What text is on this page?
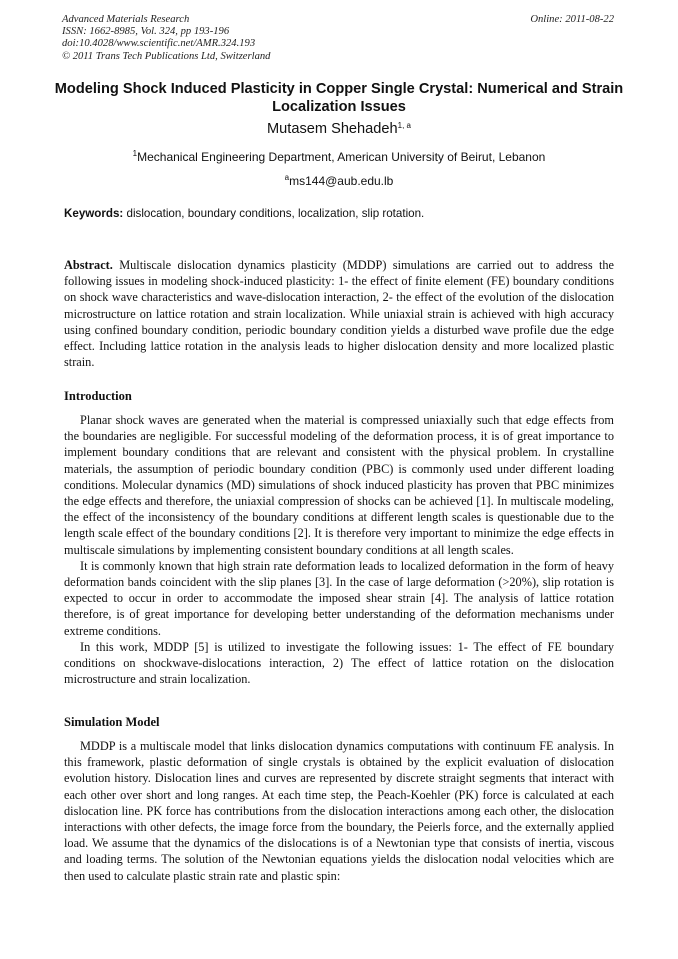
Advanced Materials Research
ISSN: 1662-8985, Vol. 324, pp 193-196
doi:10.4028/www.scientific.net/AMR.324.193
© 2011 Trans Tech Publications Ltd, Switzerland
Online: 2011-08-22
Modeling Shock Induced Plasticity in Copper Single Crystal: Numerical and Strain Localization Issues
Mutasem Shehadeh$^{1, a}$
$^1$Mechanical Engineering Department, American University of Beirut, Lebanon
$^a$ms144@aub.edu.lb
Keywords: dislocation, boundary conditions, localization, slip rotation.

Abstract. Multiscale dislocation dynamics plasticity (MDDP) simulations are carried out to address the following issues in modeling shock-induced plasticity: 1- the effect of finite element (FE) boundary conditions on shock wave characteristics and wave-dislocation interaction, 2- the effect of the evolution of the dislocation microstructure on lattice rotation and strain localization. While uniaxial strain is achieved with high accuracy using confined boundary condition, periodic boundary condition yields a disturbed wave profile due the edge effect. Including lattice rotation in the analysis leads to higher dislocation density and more localized plastic strain.

Introduction

Planar shock waves are generated when the material is compressed uniaxially such that edge effects from the boundaries are negligible. For successful modeling of the deformation process, it is of great importance to implement boundary conditions that are relevant and consistent with the physical problem. In crystalline materials, the assumption of periodic boundary condition (PBC) is commonly used under different loading conditions. Molecular dynamics (MD) simulations of shock induced plasticity has proven that PBC minimizes the edge effects and therefore, the uniaxial compression of shocks can be achieved [1]. In multiscale modeling, the effect of the inconsistency of the boundary conditions at different length scales is questionable due to the length scale effect of the boundary conditions [2]. It is therefore very important to minimize the edge effects in multiscale simulations by implementing consistent boundary conditions at all length scales.

It is commonly known that high strain rate deformation leads to localized deformation in the form of heavy deformation bands coincident with the slip planes [3]. In the case of large deformation (>20%), slip rotation is expected to occur in order to accommodate the imposed shear strain [4]. The analysis of lattice rotation therefore, is of great importance for developing better understanding of the deformation mechanisms under extreme conditions.

In this work, MDDP [5] is utilized to investigate the following issues: 1- The effect of FE boundary conditions on shockwave-dislocations interaction, 2) The effect of lattice rotation on the dislocation microstructure and strain localization.

Simulation Model

MDDP is a multiscale model that links dislocation dynamics computations with continuum FE analysis. In this framework, plastic deformation of single crystals is obtained by the explicit evaluation of dislocation evolution history. Dislocation lines and curves are represented by discrete straight segments that interact with each other over short and long ranges. At each time step, the Peach-Koehler (PK) force is calculated at each dislocation line. PK force has contributions from the dislocation interactions among each other, the dislocation interactions with other defects, the image force from the boundary, the Peierls force, and the externally applied load. We assume that the dynamics of the dislocations is of a Newtonian type that consists of inertia, viscous and loading terms. The solution of the Newtonian equations yields the dislocation nodal velocities which are then used to calculate plastic strain rate and plastic spin:
